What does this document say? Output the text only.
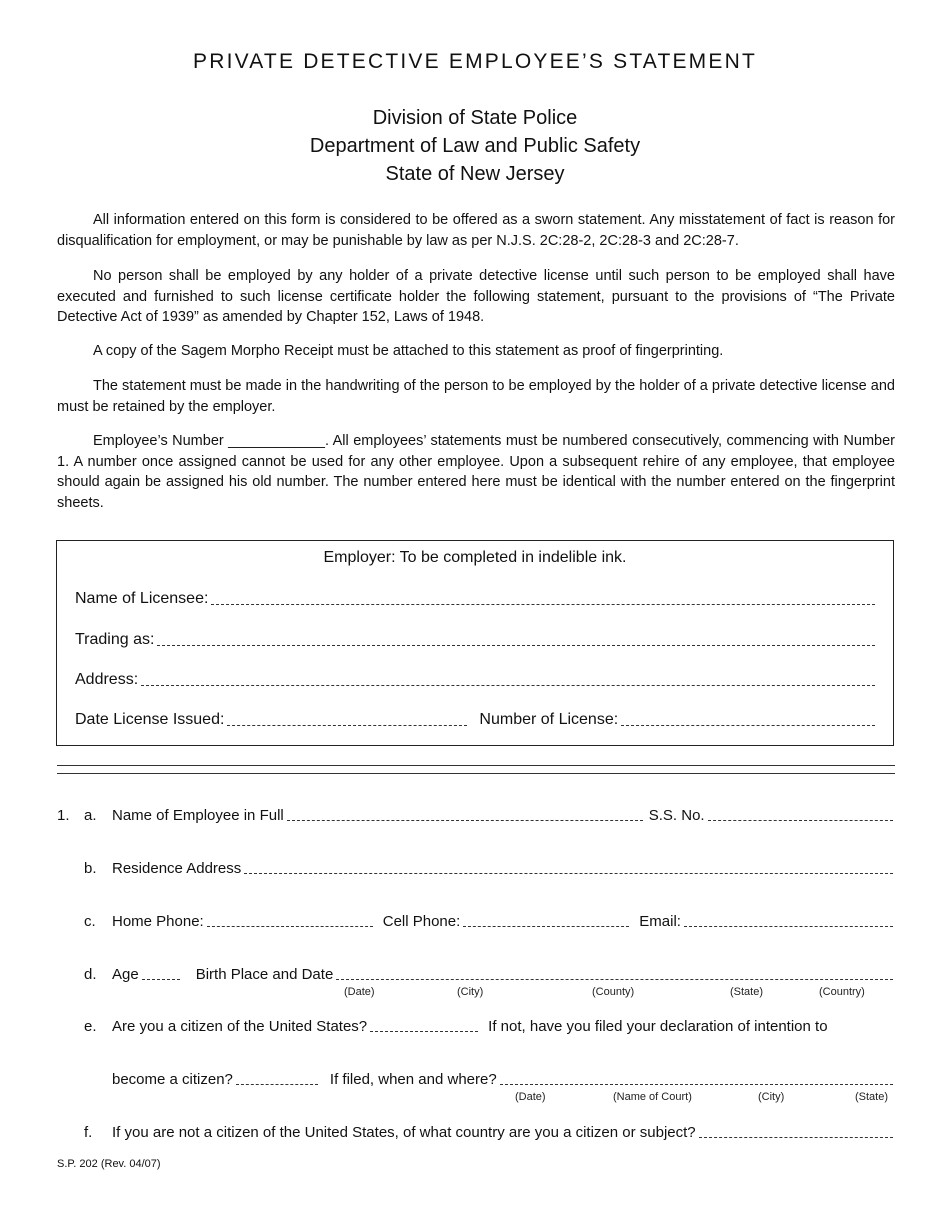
PRIVATE DETECTIVE EMPLOYEE’S STATEMENT
Division of State Police
Department of Law and Public Safety
State of New Jersey

All information entered on this form is considered to be offered as a sworn statement. Any misstatement of fact is reason for disqualification for employment, or may be punishable by law as per N.J.S. 2C:28-2, 2C:28-3 and 2C:28-7.

No person shall be employed by any holder of a private detective license until such person to be employed shall have executed and furnished to such license certificate holder the following statement, pursuant to the provisions of “The Private Detective Act of 1939” as amended by Chapter 152, Laws of 1948.

A copy of the Sagem Morpho Receipt must be attached to this statement as proof of fingerprinting.

The statement must be made in the handwriting of the person to be employed by the holder of a private detective license and must be retained by the employer.

Employee’s Number ____________. All employees’ statements must be numbered consecutively, commencing with Number 1. A number once assigned cannot be used for any other employee. Upon a subsequent rehire of any employee, that employee should again be assigned his old number. The number entered here must be identical with the number entered on the fingerprint sheets.

Employer: To be completed in indelible ink.
Name of Licensee:
Trading as:
Address:
Date License Issued:	Number of License:
1. a. Name of Employee in Full	S.S. No.
b. Residence Address
c. Home Phone:	Cell Phone:	Email:
d. Age	Birth Place and Date
(Date)	(City)	(County)	(State)	(Country)
e. Are you a citizen of the United States?	If not, have you filed your declaration of intention to
become a citizen?	If filed, when and where?
(Date)	(Name of Court)	(City)	(State)
f. If you are not a citizen of the United States, of what country are you a citizen or subject?
S.P. 202 (Rev. 04/07)
